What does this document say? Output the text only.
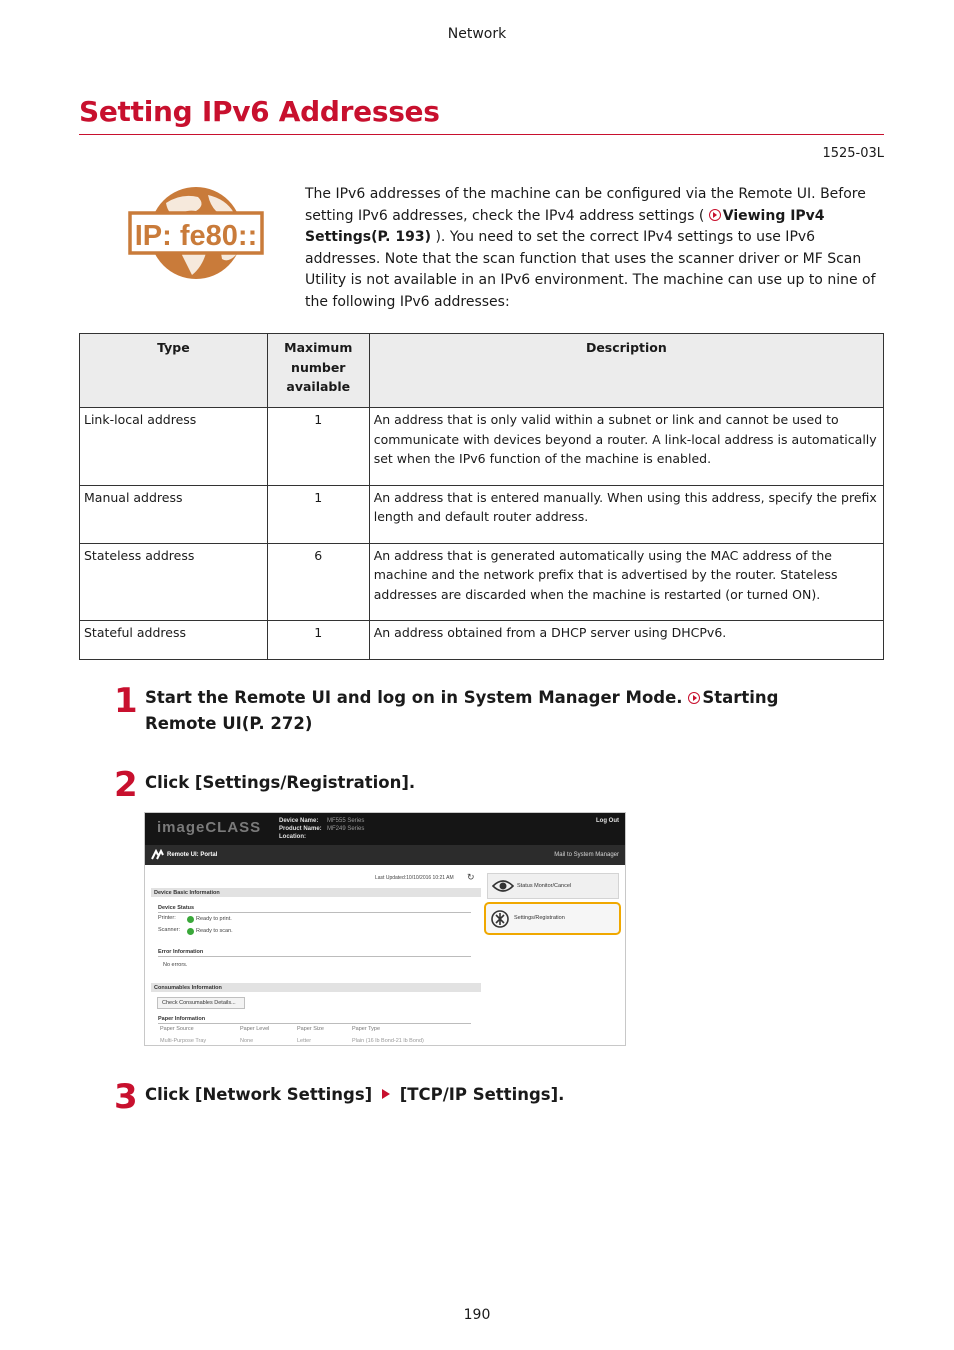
Network
Setting IPv6 Addresses
1525-03L
IP: fe80::
The IPv6 addresses of the machine can be configured via the Remote UI. Before setting IPv6 addresses, check the IPv4 address settings ( Viewing IPv4 Settings(P. 193) ). You need to set the correct IPv4 settings to use IPv6 addresses. Note that the scan function that uses the scanner driver or MF Scan Utility is not available in an IPv6 environment. The machine can use up to nine of the following IPv6 addresses:
Type	Maximum number available	Description
Link-local address	1	An address that is only valid within a subnet or link and cannot be used to communicate with devices beyond a router. A link-local address is automatically set when the IPv6 function of the machine is enabled.
Manual address	1	An address that is entered manually. When using this address, specify the prefix length and default router address.
Stateless address	6	An address that is generated automatically using the MAC address of the machine and the network prefix that is advertised by the router. Stateless addresses are discarded when the machine is restarted (or turned ON).
Stateful address	1	An address obtained from a DHCP server using DHCPv6.
1 Start the Remote UI and log on in System Manager Mode. Starting Remote UI(P. 272)
2 Click [Settings/Registration].
imageCLASS	Device Name: MF555 Series
Product Name: MF249 Series
Location:
Log Out
Remote UI: Portal	Mail to System Manager
Last Updated:10/10/2016 10:21 AM ↻
Device Basic Information
Device Status
Printer:	Ready to print.
Scanner:	Ready to scan.
Error Information
No errors.
Consumables Information
Check Consumables Details...
Paper Information
Paper Source	Paper Level	Paper Size	Paper Type
Multi-Purpose Tray	None	Letter	Plain (16 lb Bond-21 lb Bond)
Status Monitor/Cancel
Settings/Registration
3 Click [Network Settings] [TCP/IP Settings].
190
